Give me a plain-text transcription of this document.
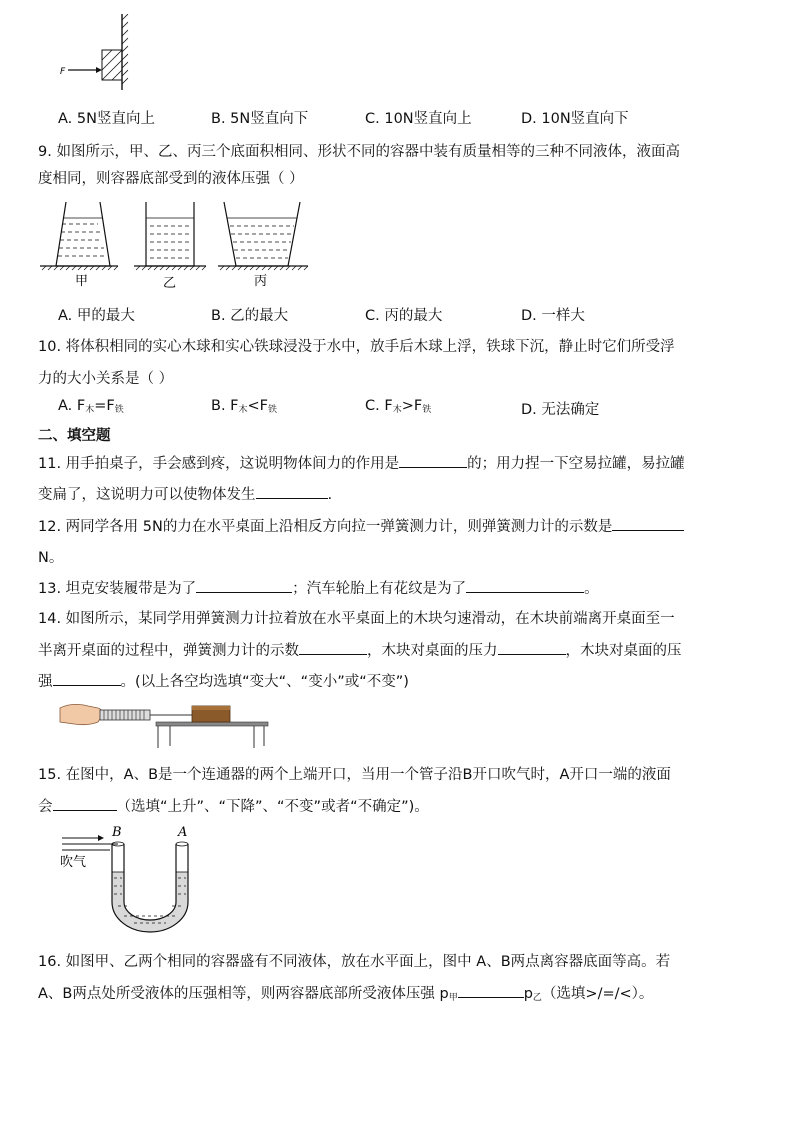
F
A. 5N竖直向上	B. 5N竖直向下	C. 10N竖直向上	D. 10N竖直向下
9. 如图所示，甲、乙、丙三个底面积相同、形状不同的容器中装有质量相等的三种不同液体，液面高
度相同，则容器底部受到的液体压强（ ）
甲	乙	丙
A. 甲的最大	B. 乙的最大	C. 丙的最大	D. 一样大
10. 将体积相同的实心木球和实心铁球浸没于水中，放手后木球上浮，铁球下沉，静止时它们所受浮
力的大小关系是（ ）
A. $F_木=F_铁$	B. $F_木<F_铁$	C. $F_木>F_铁$	D. 无法确定
二、填空题
11. 用手拍桌子，手会感到疼，这说明物体间力的作用是	的；用力捏一下空易拉罐，易拉罐
变扁了，这说明力可以使物体发生	.
12. 两同学各用 5N的力在水平桌面上沿相反方向拉一弹簧测力计，则弹簧测力计的示数是
N。
13. 坦克安装履带是为了	；汽车轮胎上有花纹是为了	。
14. 如图所示，某同学用弹簧测力计拉着放在水平桌面上的木块匀速滑动，在木块前端离开桌面至一
半离开桌面的过程中，弹簧测力计的示数	，木块对桌面的压力	，木块对桌面的压
强	。(以上各空均选填“变大“、“变小”或“不变”)
15. 在图中，A、B是一个连通器的两个上端开口，当用一个管子沿B开口吹气时，A开口一端的液面
会	（选填“上升”、“下降”、“不变”或者“不确定”)。
B	A
吹气
16. 如图甲、乙两个相同的容器盛有不同液体，放在水平面上，图中 A、B两点离容器底面等高。若
A、B两点处所受液体的压强相等，则两容器底部所受液体压强 $p_甲$	$p_乙$（选填>/=/<）。
